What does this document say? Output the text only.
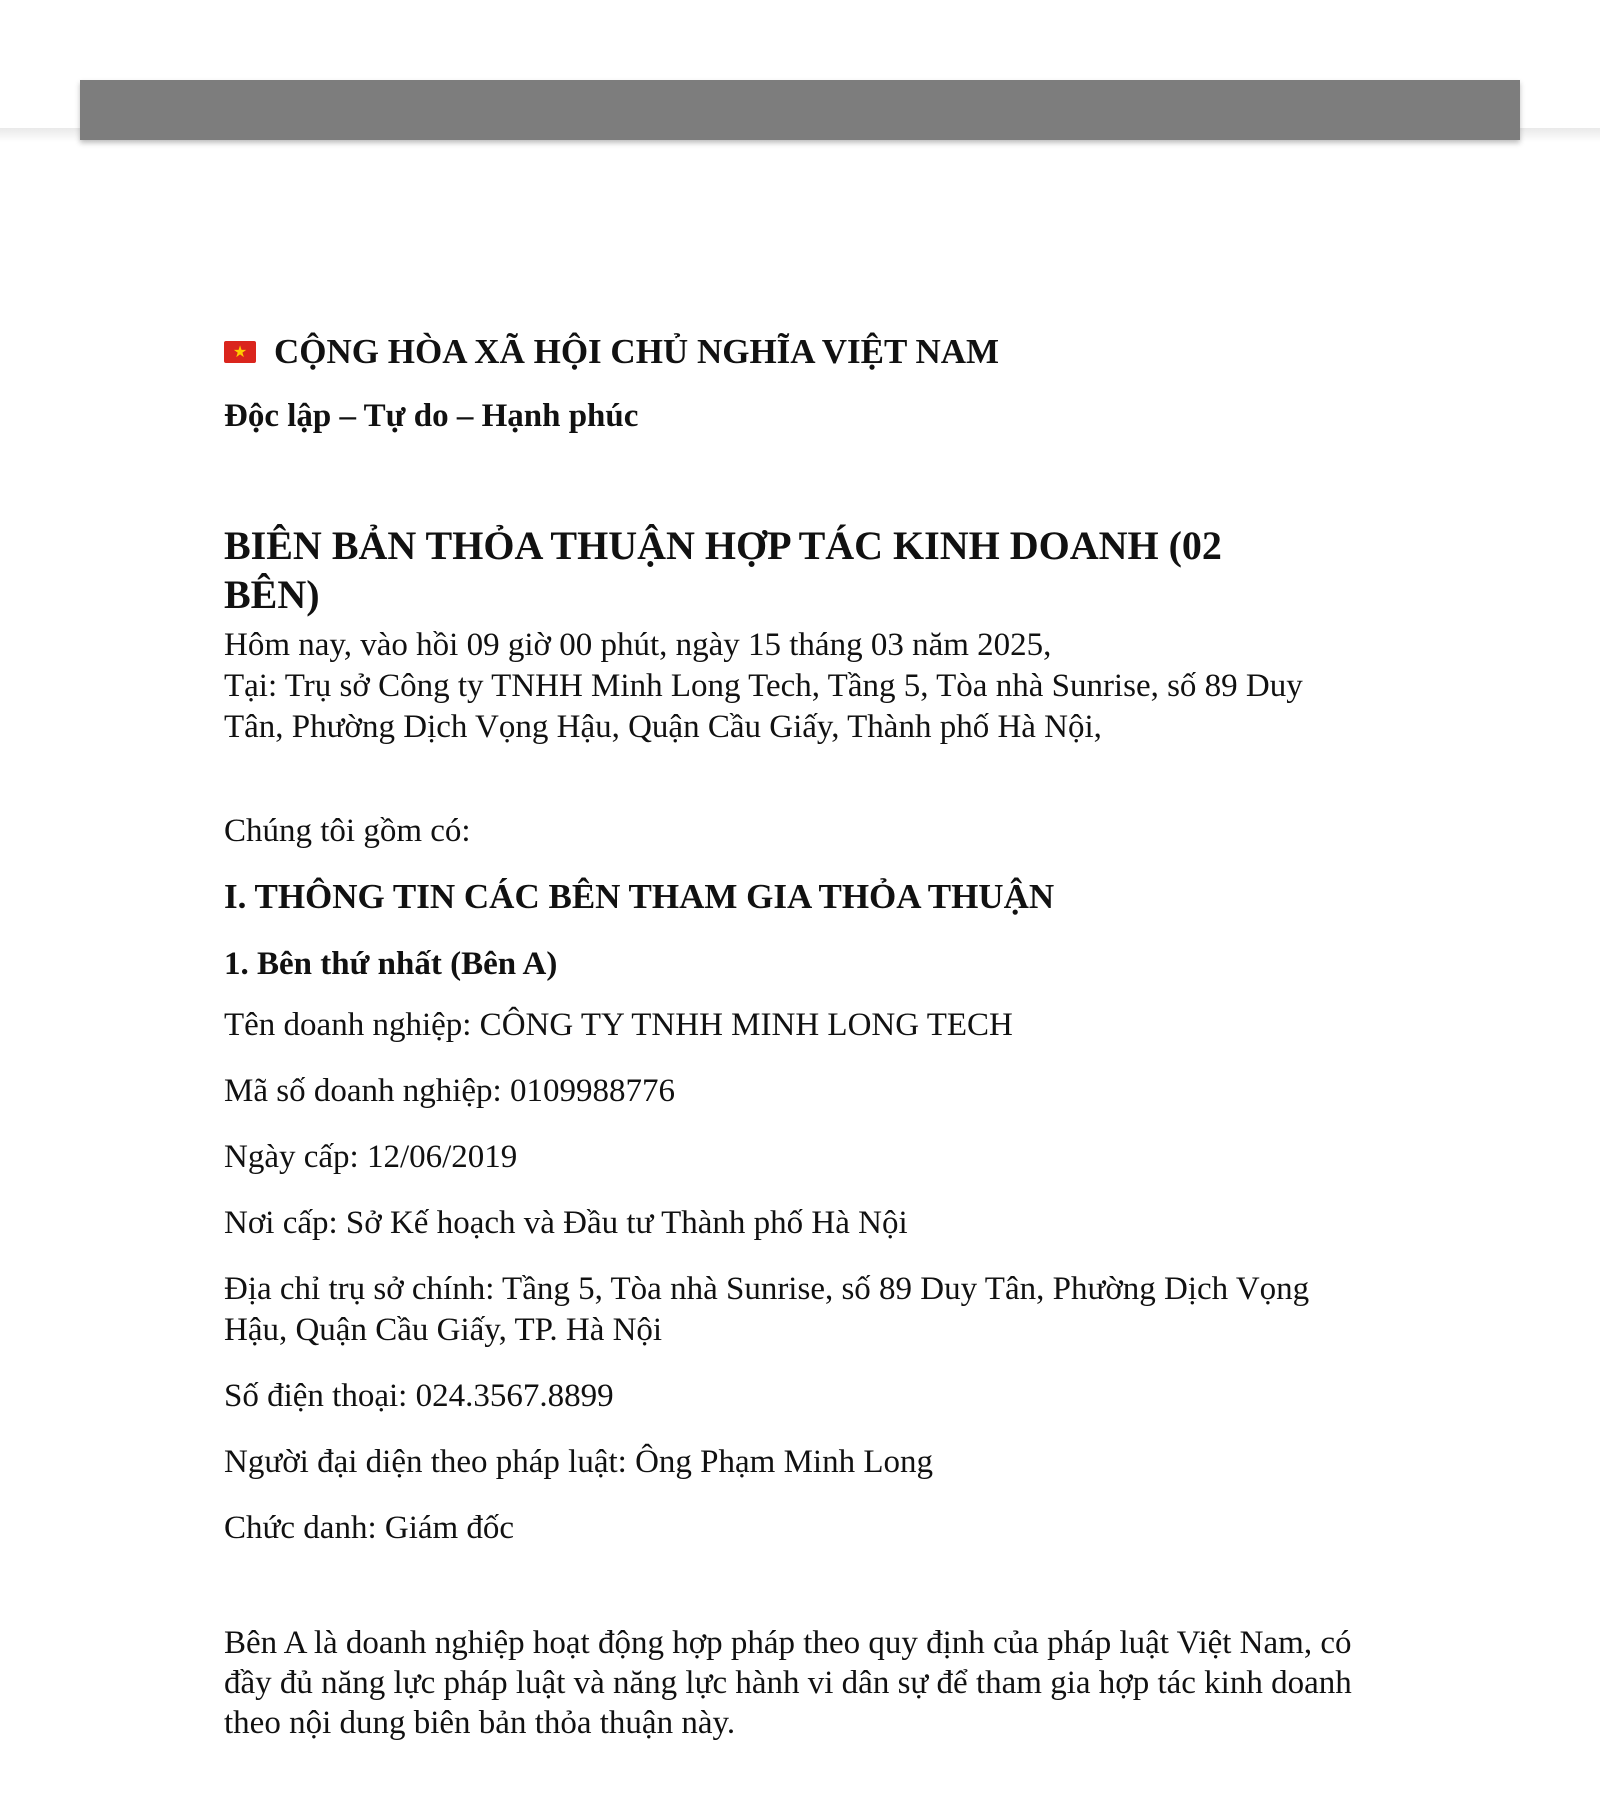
★ CỘNG HÒA XÃ HỘI CHỦ NGHĨA VIỆT NAM

Độc lập – Tự do – Hạnh phúc

BIÊN BẢN THỎA THUẬN HỢP TÁC KINH DOANH (02 BÊN)

Hôm nay, vào hồi 09 giờ 00 phút, ngày 15 tháng 03 năm 2025,

Tại: Trụ sở Công ty TNHH Minh Long Tech, Tầng 5, Tòa nhà Sunrise, số 89 Duy Tân, Phường Dịch Vọng Hậu, Quận Cầu Giấy, Thành phố Hà Nội,

Chúng tôi gồm có:

I. THÔNG TIN CÁC BÊN THAM GIA THỎA THUẬN
1. Bên thứ nhất (Bên A)

Tên doanh nghiệp: CÔNG TY TNHH MINH LONG TECH

Mã số doanh nghiệp: 0109988776

Ngày cấp: 12/06/2019

Nơi cấp: Sở Kế hoạch và Đầu tư Thành phố Hà Nội

Địa chỉ trụ sở chính: Tầng 5, Tòa nhà Sunrise, số 89 Duy Tân, Phường Dịch Vọng Hậu, Quận Cầu Giấy, TP. Hà Nội

Số điện thoại: 024.3567.8899

Người đại diện theo pháp luật: Ông Phạm Minh Long

Chức danh: Giám đốc

Bên A là doanh nghiệp hoạt động hợp pháp theo quy định của pháp luật Việt Nam, có đầy đủ năng lực pháp luật và năng lực hành vi dân sự để tham gia hợp tác kinh doanh theo nội dung biên bản thỏa thuận này.
